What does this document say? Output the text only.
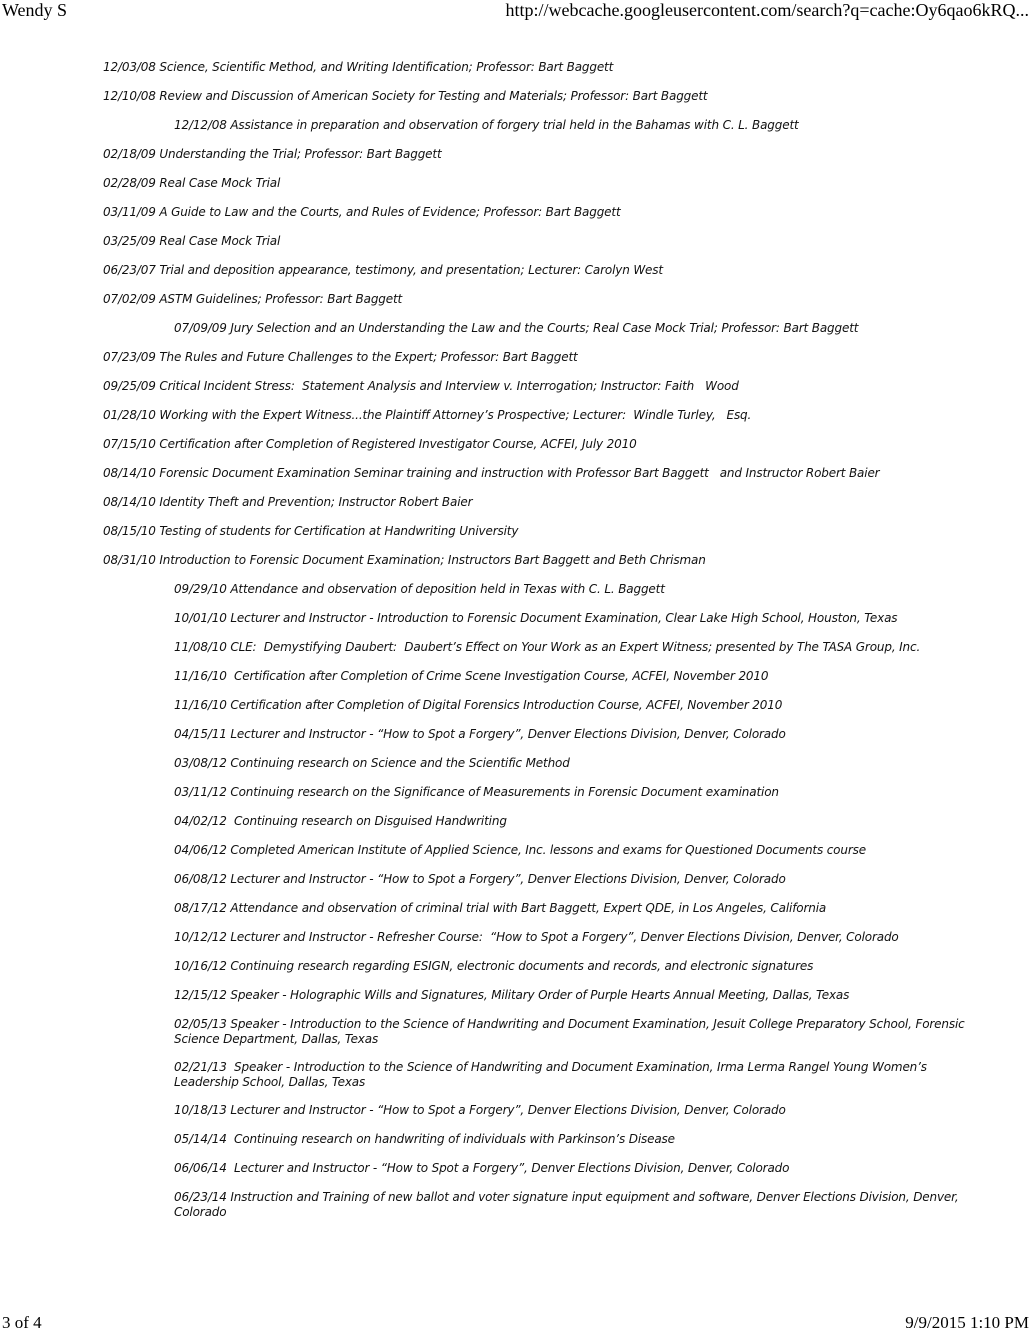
Wendy S	http://webcache.googleusercontent.com/search?q=cache:Oy6qao6kRQ...
12/03/08 Science, Scientific Method, and Writing Identification; Professor: Bart Baggett
12/10/08 Review and Discussion of American Society for Testing and Materials; Professor: Bart Baggett
12/12/08 Assistance in preparation and observation of forgery trial held in the Bahamas with C. L. Baggett
02/18/09 Understanding the Trial; Professor: Bart Baggett
02/28/09 Real Case Mock Trial
03/11/09 A Guide to Law and the Courts, and Rules of Evidence; Professor: Bart Baggett
03/25/09 Real Case Mock Trial
06/23/07 Trial and deposition appearance, testimony, and presentation; Lecturer: Carolyn West
07/02/09 ASTM Guidelines; Professor: Bart Baggett
07/09/09 Jury Selection and an Understanding the Law and the Courts; Real Case Mock Trial; Professor: Bart Baggett
07/23/09 The Rules and Future Challenges to the Expert; Professor: Bart Baggett
09/25/09 Critical Incident Stress:  Statement Analysis and Interview v. Interrogation; Instructor: Faith   Wood
01/28/10 Working with the Expert Witness...the Plaintiff Attorney’s Prospective; Lecturer:  Windle Turley,   Esq.
07/15/10 Certification after Completion of Registered Investigator Course, ACFEI, July 2010
08/14/10 Forensic Document Examination Seminar training and instruction with Professor Bart Baggett   and Instructor Robert Baier
08/14/10 Identity Theft and Prevention; Instructor Robert Baier
08/15/10 Testing of students for Certification at Handwriting University
08/31/10 Introduction to Forensic Document Examination; Instructors Bart Baggett and Beth Chrisman
09/29/10 Attendance and observation of deposition held in Texas with C. L. Baggett
10/01/10 Lecturer and Instructor - Introduction to Forensic Document Examination, Clear Lake High School, Houston, Texas
11/08/10 CLE:  Demystifying Daubert:  Daubert’s Effect on Your Work as an Expert Witness; presented by The TASA Group, Inc.
11/16/10  Certification after Completion of Crime Scene Investigation Course, ACFEI, November 2010
11/16/10 Certification after Completion of Digital Forensics Introduction Course, ACFEI, November 2010
04/15/11 Lecturer and Instructor - “How to Spot a Forgery”, Denver Elections Division, Denver, Colorado
03/08/12 Continuing research on Science and the Scientific Method
03/11/12 Continuing research on the Significance of Measurements in Forensic Document examination
04/02/12  Continuing research on Disguised Handwriting
04/06/12 Completed American Institute of Applied Science, Inc. lessons and exams for Questioned Documents course
06/08/12 Lecturer and Instructor - “How to Spot a Forgery”, Denver Elections Division, Denver, Colorado
08/17/12 Attendance and observation of criminal trial with Bart Baggett, Expert QDE, in Los Angeles, California
10/12/12 Lecturer and Instructor - Refresher Course:  “How to Spot a Forgery”, Denver Elections Division, Denver, Colorado
10/16/12 Continuing research regarding ESIGN, electronic documents and records, and electronic signatures
12/15/12 Speaker - Holographic Wills and Signatures, Military Order of Purple Hearts Annual Meeting, Dallas, Texas
02/05/13 Speaker - Introduction to the Science of Handwriting and Document Examination, Jesuit College Preparatory School, Forensic Science Department, Dallas, Texas
02/21/13  Speaker - Introduction to the Science of Handwriting and Document Examination, Irma Lerma Rangel Young Women’s Leadership School, Dallas, Texas
10/18/13 Lecturer and Instructor - “How to Spot a Forgery”, Denver Elections Division, Denver, Colorado
05/14/14  Continuing research on handwriting of individuals with Parkinson’s Disease
06/06/14  Lecturer and Instructor - “How to Spot a Forgery”, Denver Elections Division, Denver, Colorado
06/23/14 Instruction and Training of new ballot and voter signature input equipment and software, Denver Elections Division, Denver, Colorado
3 of 4	9/9/2015 1:10 PM
